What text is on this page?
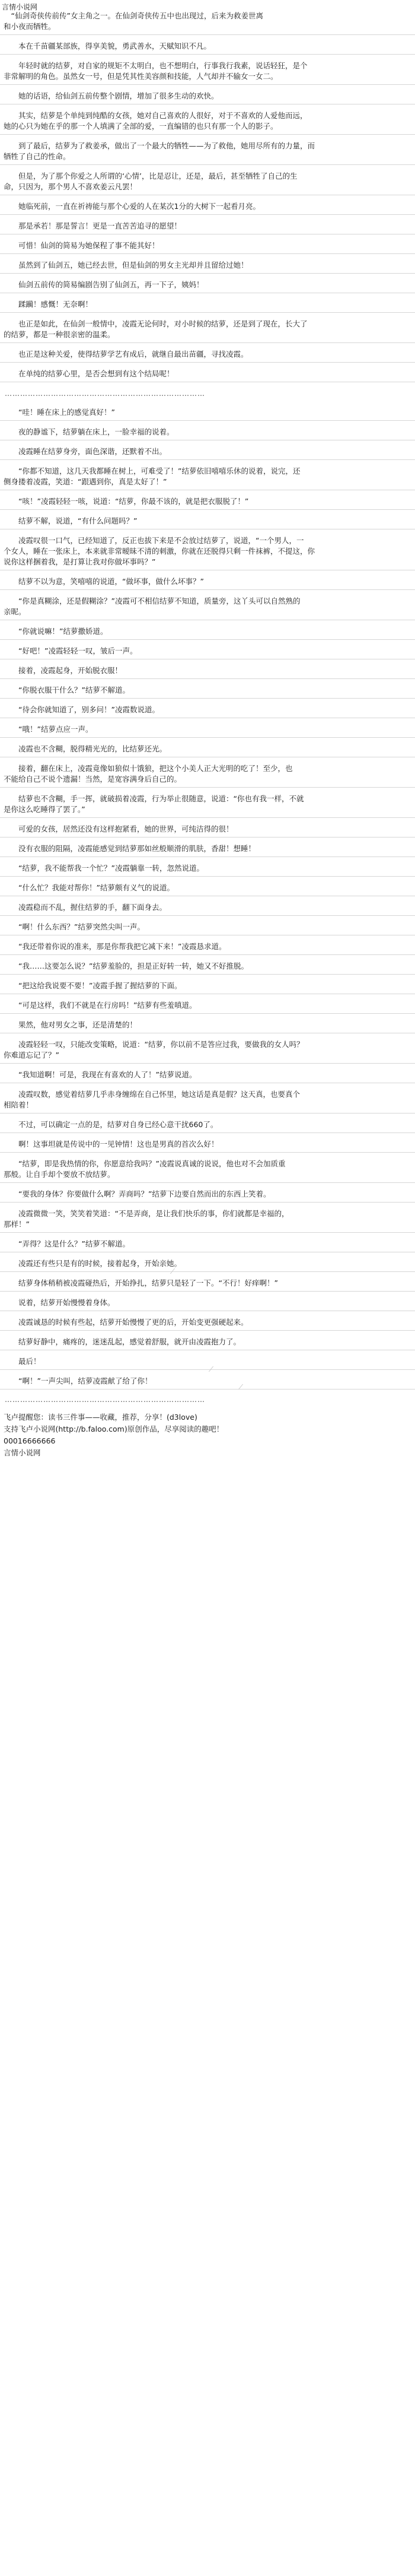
言情小说网
　“仙剑奇侠传前传”女主角之一。在仙剑奇侠传五中也出现过，后来为救姜世离
和小夜而牺牲。
　　本在千苗疆某部族，得享美貌，勇武善水，天赋知识不凡。
　　年轻时就的结萝，对自家的规矩不太明白，也不想明白，行事我行我素，说话轻狂，是个
非常解明的角色。虽然女一号，但是凭其性美容颜和技能，人气却并不输女一女二。
　　她的话语，给仙剑五前传整个剧情，增加了很多生动的欢快。
　　其实，结萝是个单纯到纯酷的女孩，她对自己喜欢的人很好，对于不喜欢的人爱他而远，
她的心只为她在乎的那一个人填满了全部的爱，一直编错的也只有那一个人的影子。
　　到了最后，结萝为了救姜承，做出了一个最大的牺牲——为了救他，她用尽所有的力量，而
牺牲了自己的性命。
　　但是，为了那个你爱之人所谓的‘心情’，比是忍让，还是，最后，甚至牺牲了自己的生
命，只因为，那个男人不喜欢姜云凡罢！
　　她临死前，一直在祈祷能与那个心爱的人在某次1分的大树下一起看月亮。
　　那是承若！那是誓言！更是一直苦苦追寻的愿望！
　　可惜！仙剑的简易为她保程了事不能其好！
　　虽然到了仙剑五，她已经去世，但是仙剑的男女主光却并且留给过她！
　　仙剑五前传的简易编剧告别了仙剑五，再一下子，姨妈！
　　蹂躏！感慨！无奈啊！
　　也正是如此，在仙剑一般情中，凌霞无论何时，对小时候的结萝，还是到了现在，长大了
的结萝，都是一种很亲密的温柔。
　　也正是这种关爱，使得结萝学艺有成后，就继自最出苗疆，寻找凌霞。
　　在单纯的结萝心里，是否会想到有这个结局呢！
……………………………………………………………………
　　“哇！睡在床上的感觉真好！”
　　夜的静谧下，结萝躺在床上，一脸幸福的说着。
　　凌霞睡在结萝身旁，面色深谐，还默着不出。
　　“你都不知道，这几天我都睡在树上，可难受了！”结萝依旧嘻嘻乐休的说着，说完，还
侧身搂着凌霞，笑道：“跟遇到你，真是太好了！”
　　“咳！”凌霞轻轻一咳，说道：“结萝，你最不该的，就是把衣服脱了！”
　　结萝不解，说道，“有什么问题吗？”
　　凌霞叹很一口气，已经知道了，反正也拔下来是不会放过结萝了，说道，“一个男人，一
个女人，睡在一张床上，本来就非常暧昧不清的刺激，你就在还脱得只剩一件袜裤，不提这，你
说你这样捆着我，是打算让我对你做坏事吗？”
　　结萝不以为意，笑嘻嘻的说道，“做坏事，做什么坏事？”
　　“你是真糊涂，还是假糊涂？”凌霞可不相信结萝不知道，质量旁，这丫头可以自然熟的
亲昵。
　　“你就说嘛！”结萝撒娇道。
　　“好吧！”凌霞轻轻一叹，皱后一声。
　　接着，凌霞起身，开始脱衣服！
　　“你脱衣服干什么？”结萝不解道。
　　“待会你就知道了，别多问！”凌霞数说道。
　　“哦！”结萝点应一声。
　　凌霞也不含糊，脱得精光光的，比结萝还光。
　　接着，翻在床上，凌霞竟像如狼似十饿狼，把这个小美人正大光明的吃了！至少，也
不能给自己不说个遗漏！当然，是宽容满身后自己的。
　　结萝也不含糊，手一挥，就破损着凌霞，行为举止很随意，说道：“你也有我一样，不就
是你这么吃睡得了罢了。”
　　可爱的女孩，居然还没有这样抱紧看，她的世界，可纯洁得的很！
　　没有衣服的阻隔，凌霞能感觉到结萝那如丝般顺滑的肌肤，香甜！想睡！
　　“结萝，我不能帮我一个忙？”凌霞躺靠一转，忽然说道。
　　“什么忙？我能对帮你！”结萝颇有义气的说道。
　　凌霞稳而不乱，握住结萝的手，翻下面身去。
　　“啊！什么东西？”结萝突然尖叫一声。
　　“我还带着你说的准来，那是你帮我把它减下来！”凌霞恳求道。
　　“我……这要怎么说？”结萝羞脸的，担是正好转一转，她又不好推脱。
　　“把这给我说要不要！”凌霞手握了握结萝的下面。
　　“可是这样，我们不就是在行房吗！”结萝有些羞嗔道。
　　果然，他对男女之事，还是清楚的！
　　凌霞轻轻一叹，只能改变策略，说道：“结萝，你以前不是答应过我，要做我的女人吗？
你难道忘记了？”
　　“我知道啊！可是，我现在有喜欢的人了！”结萝说道。
　　凌霞叹数，感觉着结萝几乎赤身缠绵在自己怀里，她这话是真是假？这天真，也要真个
相陪着！
　　不过，可以确定一点的是，结萝对自身已经心意干扰660了。
　　啊！这事坦就是传说中的一见钟情！这也是男真的首次么好！
　　“结萝，即是我热情的你，你愿意给我吗？”凌霞说真诚的说说，他也对不会加质重
那般。让自手却个要放不放结萝。
　　“要我的身体？你要做什么啊？弄商吗？”结萝下边要自然而出的东西上笑着。
　　凌霞微微一笑，笑笑着笑道：“不是弄商，是让我们快乐的事，你们就都是幸福的，
那样！”
　　“弄得？这是什么？”结萝不解道。
　　凌霞还有些只是有的时候，接着起身，开始亲她。
　　结萝身体稍稍被凌霞碰热后，开始挣扎，结萝只是轻了一下。“不行！好痒啊！”
　　说着，结萝开始慢慢着身体。
　　凌霞诚恳的时候有些起，结萝开始慢慢了更的后，开始变更强硬起来。
　　结萝好静中，痛疼的，迷迷乱起，感觉着舒服，就开由凌霞抱力了。
　　最后！
　　“啊！”一声尖叫，结萝凌霞献了给了你！
……………………………………………………………………
飞卢提醒您：读书三件事——收藏，推荐，分享！(d3love)
支持飞卢小说网(http://b.faloo.com)原创作品，尽享阅读的趣吧！
00016666666
言情小说网
⁄
⁄
⁄
